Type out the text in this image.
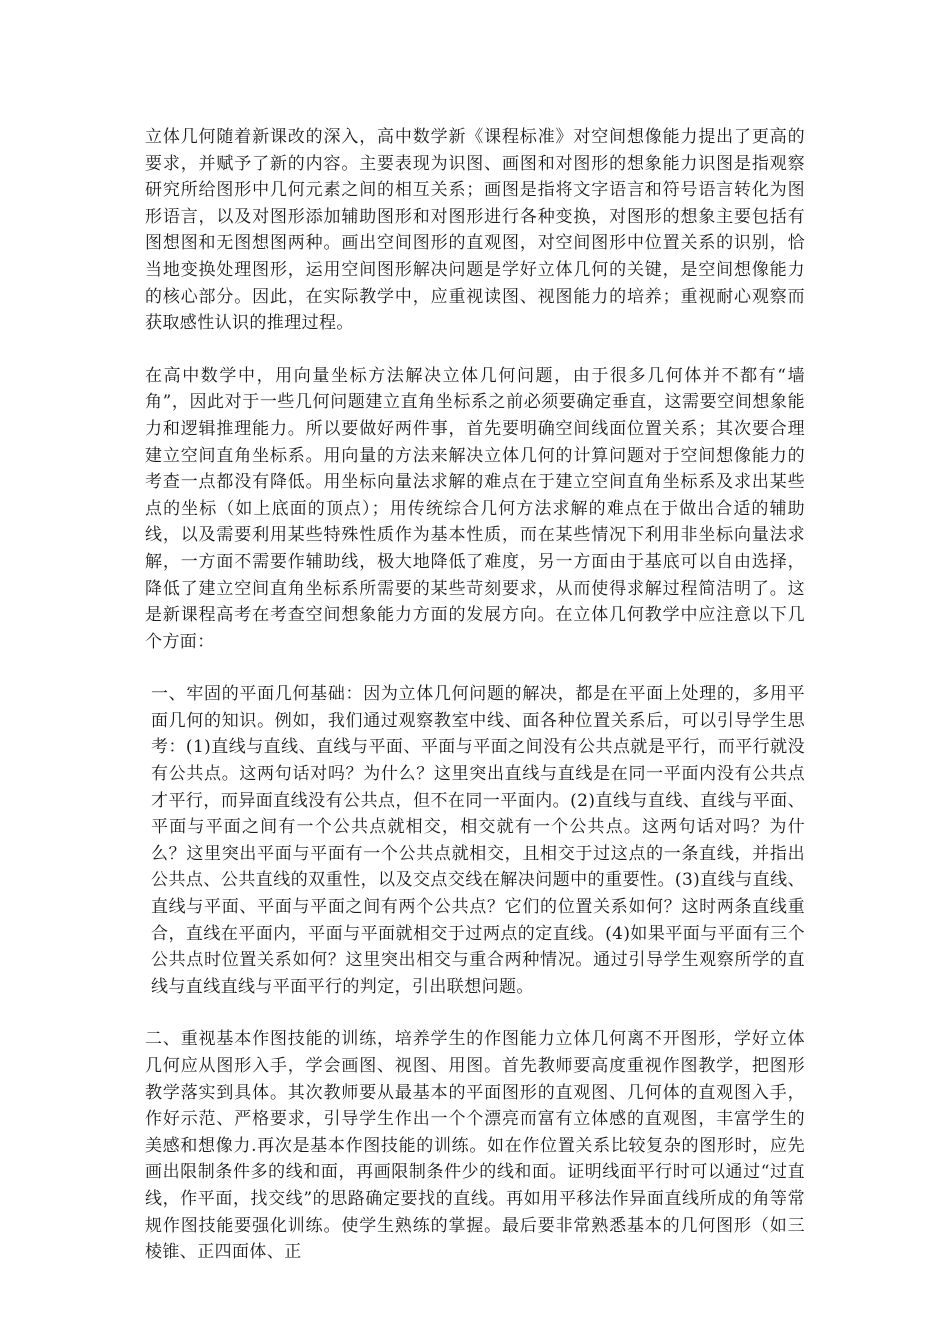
立体几何随着新课改的深入，高中数学新《课程标准》对空间想像能力提出了更高的要求，并赋予了新的内容。主要表现为识图、画图和对图形的想象能力识图是指观察研究所给图形中几何元素之间的相互关系；画图是指将文字语言和符号语言转化为图形语言，以及对图形添加辅助图形和对图形进行各种变换，对图形的想象主要包括有图想图和无图想图两种。画出空间图形的直观图，对空间图形中位置关系的识别，恰当地变换处理图形，运用空间图形解决问题是学好立体几何的关键，是空间想像能力的核心部分。因此，在实际教学中，应重视读图、视图能力的培养；重视耐心观察而获取感性认识的推理过程。

在高中数学中，用向量坐标方法解决立体几何问题，由于很多几何体并不都有“墙角”，因此对于一些几何问题建立直角坐标系之前必须要确定垂直，这需要空间想象能力和逻辑推理能力。所以要做好两件事，首先要明确空间线面位置关系；其次要合理建立空间直角坐标系。用向量的方法来解决立体几何的计算问题对于空间想像能力的考查一点都没有降低。用坐标向量法求解的难点在于建立空间直角坐标系及求出某些点的坐标（如上底面的顶点）；用传统综合几何方法求解的难点在于做出合适的辅助线，以及需要利用某些特殊性质作为基本性质，而在某些情况下利用非坐标向量法求解，一方面不需要作辅助线，极大地降低了难度，另一方面由于基底可以自由选择，降低了建立空间直角坐标系所需要的某些苛刻要求，从而使得求解过程简洁明了。这是新课程高考在考查空间想象能力方面的发展方向。在立体几何教学中应注意以下几个方面：

一、牢固的平面几何基础：因为立体几何问题的解决，都是在平面上处理的，多用平面几何的知识。例如，我们通过观察教室中线、面各种位置关系后，可以引导学生思考：(1)直线与直线、直线与平面、平面与平面之间没有公共点就是平行，而平行就没有公共点。这两句话对吗？为什么？这里突出直线与直线是在同一平面内没有公共点才平行，而异面直线没有公共点，但不在同一平面内。(2)直线与直线、直线与平面、平面与平面之间有一个公共点就相交，相交就有一个公共点。这两句话对吗？为什么？这里突出平面与平面有一个公共点就相交，且相交于过这点的一条直线，并指出公共点、公共直线的双重性，以及交点交线在解决问题中的重要性。(3)直线与直线、直线与平面、平面与平面之间有两个公共点？它们的位置关系如何？这时两条直线重合，直线在平面内，平面与平面就相交于过两点的定直线。(4)如果平面与平面有三个公共点时位置关系如何？这里突出相交与重合两种情况。通过引导学生观察所学的直线与直线直线与平面平行的判定，引出联想问题。

二、重视基本作图技能的训练，培养学生的作图能力立体几何离不开图形，学好立体几何应从图形入手，学会画图、视图、用图。首先教师要高度重视作图教学，把图形教学落实到具体。其次教师要从最基本的平面图形的直观图、几何体的直观图入手，作好示范、严格要求，引导学生作出一个个漂亮而富有立体感的直观图，丰富学生的美感和想像力.再次是基本作图技能的训练。如在作位置关系比较复杂的图形时，应先画出限制条件多的线和面，再画限制条件少的线和面。证明线面平行时可以通过“过直线，作平面，找交线”的思路确定要找的直线。再如用平移法作异面直线所成的角等常规作图技能要强化训练。使学生熟练的掌握。最后要非常熟悉基本的几何图形（如三棱锥、正四面体、正
